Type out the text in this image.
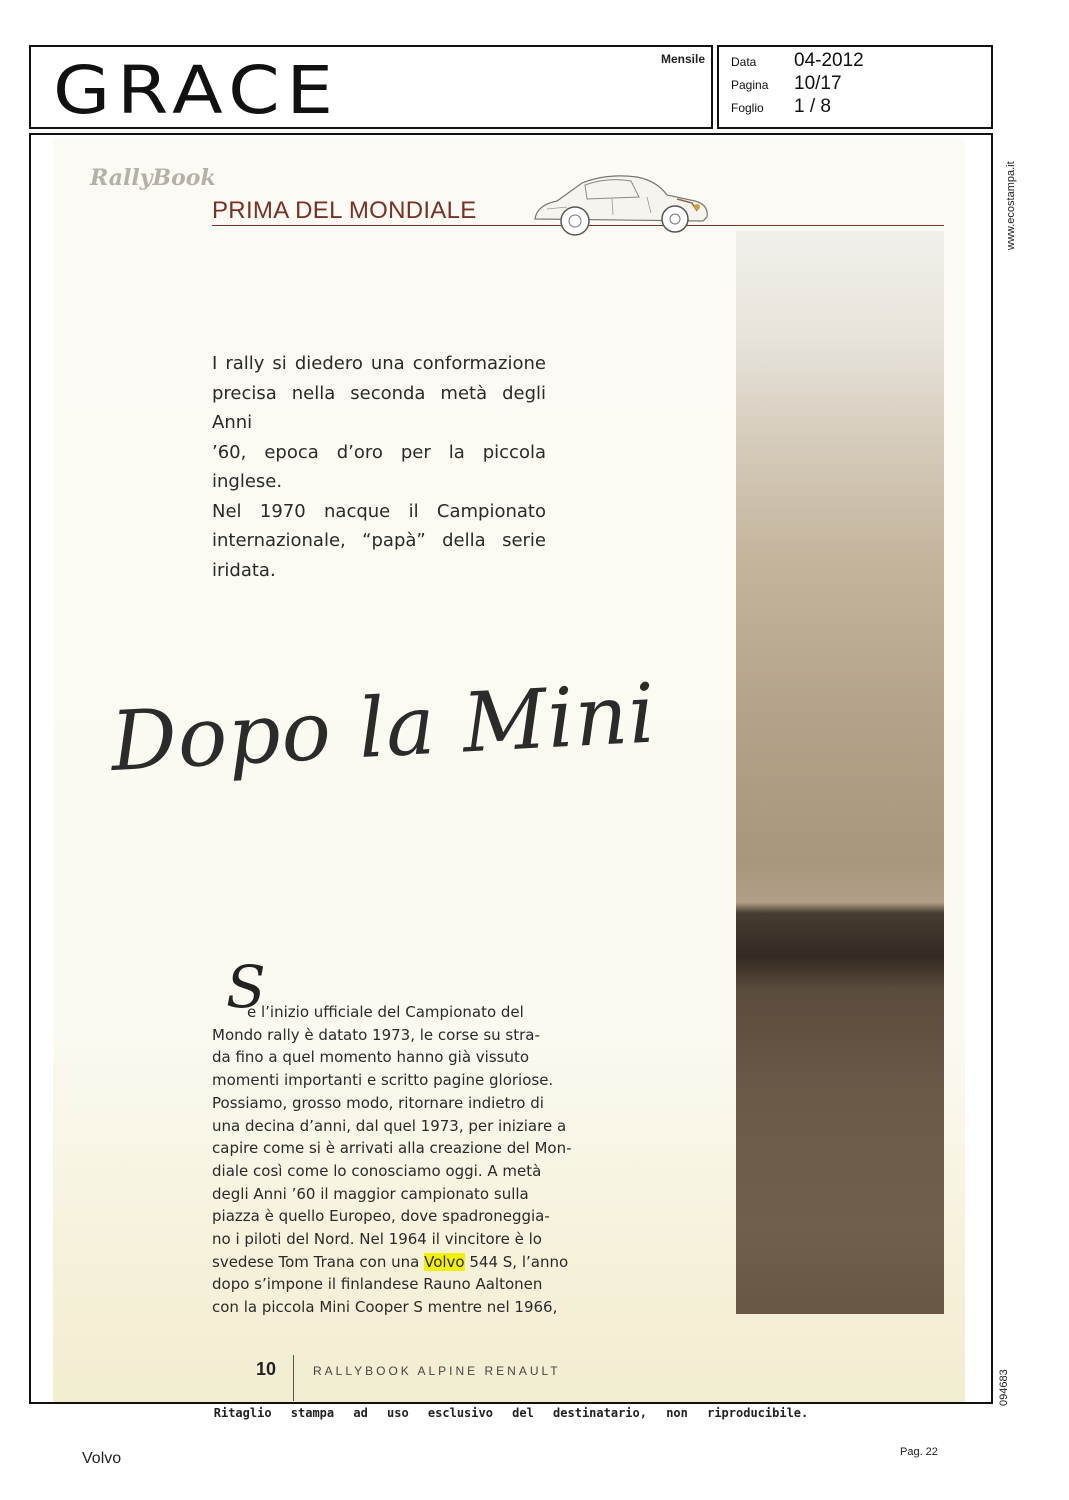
GRACE	Mensile Data 04-2012
Pagina 10/17
Foglio 1 / 8
RallyBook
PRIMA DEL MONDIALE
I rally si diedero una conformazione
precisa nella seconda metà degli Anni
’60, epoca d’oro per la piccola inglese.
Nel 1970 nacque il Campionato
internazionale, “papà” della serie iridata.
Dopo la Mini
S
e l’inizio ufficiale del Campionato del
Mondo rally è datato 1973, le corse su stra-
da fino a quel momento hanno già vissuto
momenti importanti e scritto pagine gloriose.
Possiamo, grosso modo, ritornare indietro di
una decina d’anni, dal quel 1973, per iniziare a
capire come si è arrivati alla creazione del Mon-
diale così come lo conosciamo oggi. A metà
degli Anni ’60 il maggior campionato sulla
piazza è quello Europeo, dove spadroneggia-
no i piloti del Nord. Nel 1964 il vincitore è lo
svedese Tom Trana con una Volvo 544 S, l’anno
dopo s’impone il finlandese Rauno Aaltonen
con la piccola Mini Cooper S mentre nel 1966,
10	RALLYBOOK ALPINE RENAULT
www.ecostampa.it
094683
Ritaglio stampa ad uso esclusivo del destinatario, non riproducibile.
Volvo	Pag. 22
